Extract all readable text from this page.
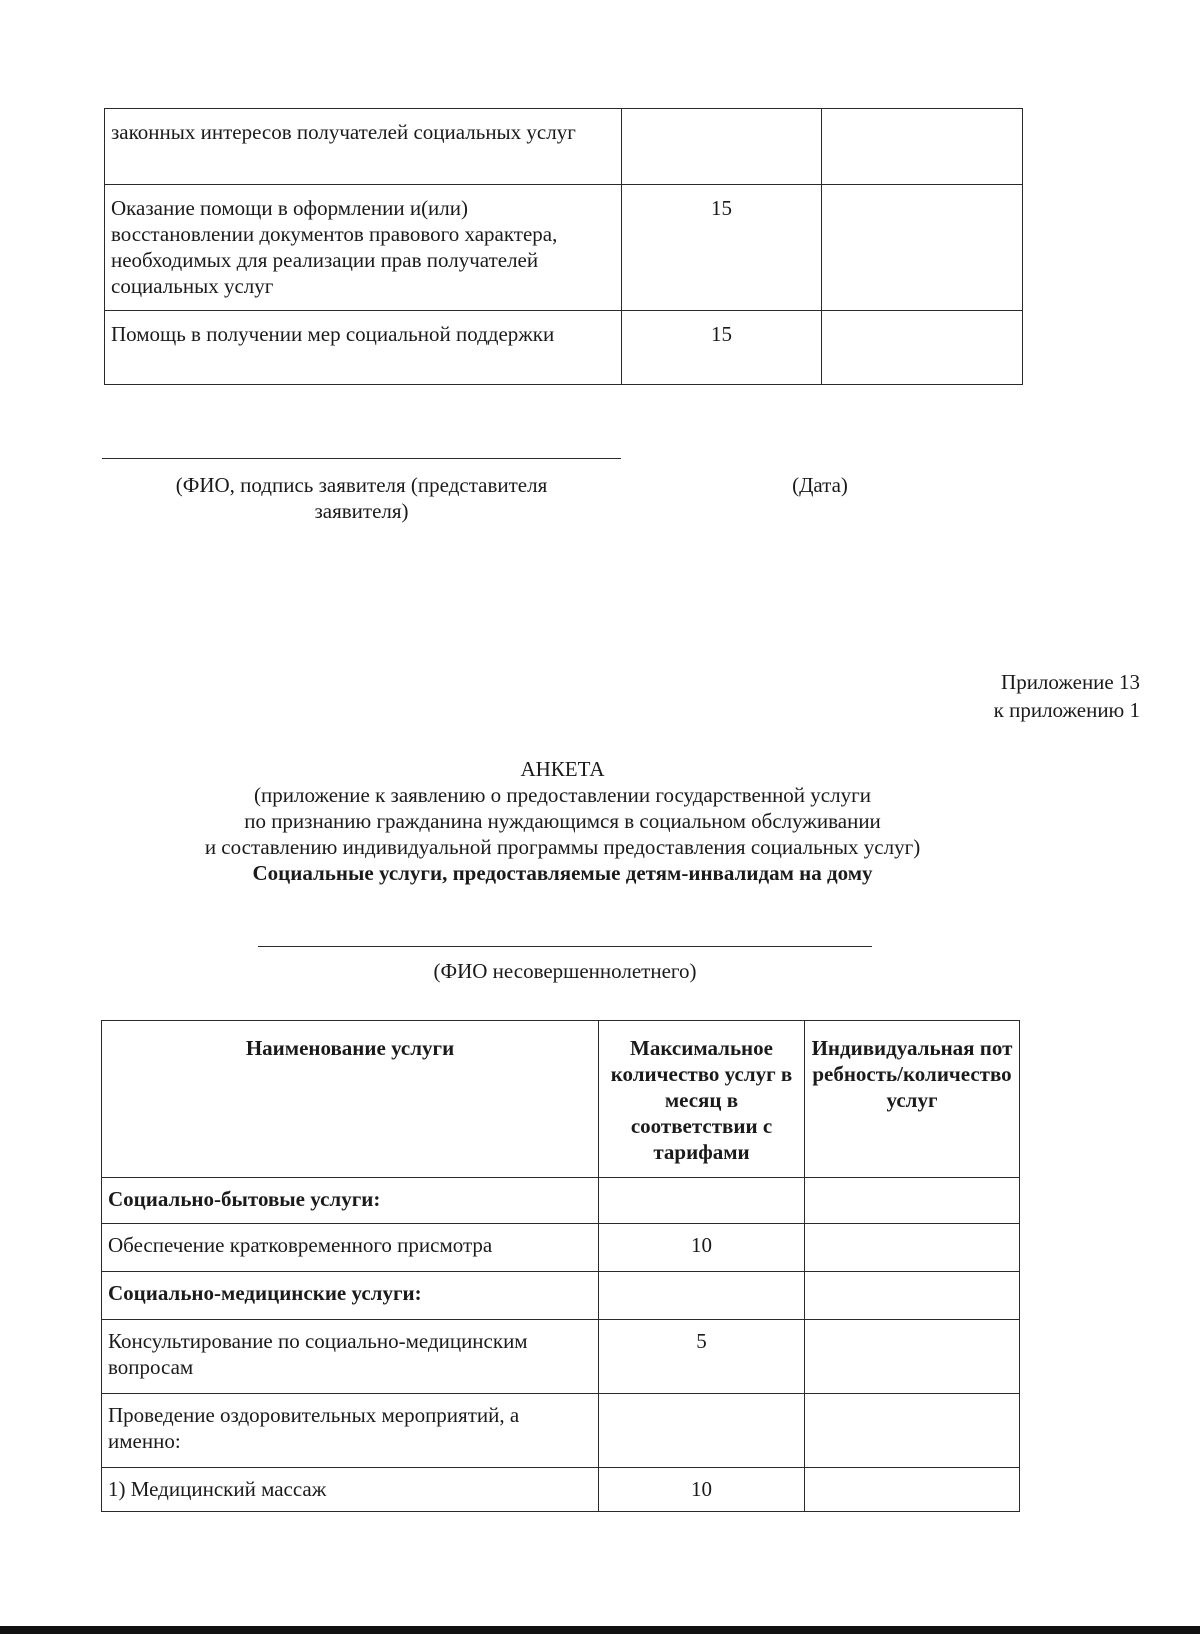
законных интересов получателей социальных услуг		
Оказание помощи в оформлении и(или) восстановлении документов правового характера, необходимых для реализации прав получателей социальных услуг	15	
Помощь в получении мер социальной поддержки	15	
(ФИО, подпись заявителя (представителя
заявителя)
(Дата)
Приложение 13
к приложению 1
АНКЕТА
(приложение к заявлению о предоставлении государственной услуги
по признанию гражданина нуждающимся в социальном обслуживании
и составлению индивидуальной программы предоставления социальных услуг)
Социальные услуги, предоставляемые детям-инвалидам на дому
(ФИО несовершеннолетнего)
Наименование услуги	Максимальное количество услуг в месяц в соответствии с тарифами	Индивидуальная потребность/количество услуг
Социально-бытовые услуги:		
Обеспечение кратковременного присмотра	10	
Социально-медицинские услуги:		
Консультирование по социально-медицинским вопросам	5	
Проведение оздоровительных мероприятий, а именно:		
1) Медицинский массаж	10	
